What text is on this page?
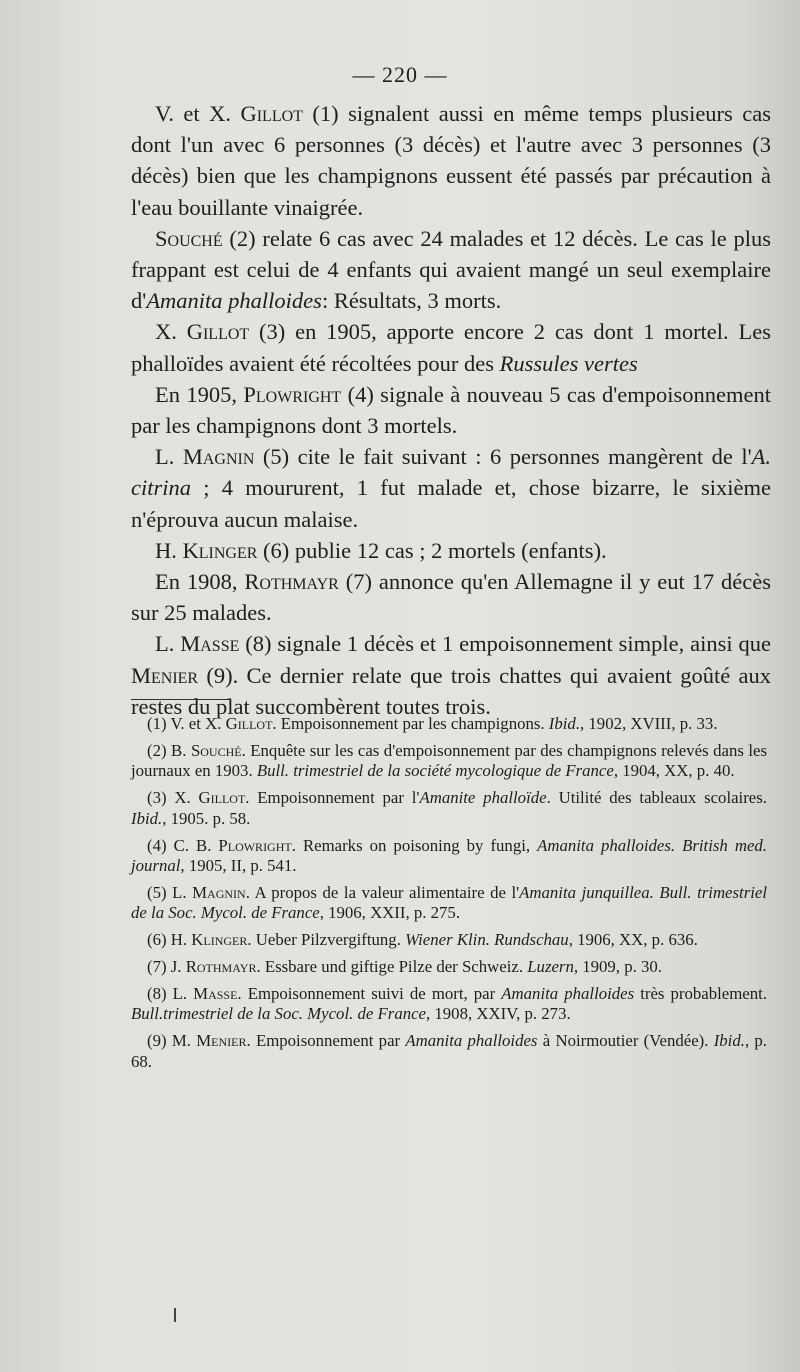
— 220 —

V. et X. Gillot (1) signalent aussi en même temps plusieurs cas dont l'un avec 6 personnes (3 décès) et l'autre avec 3 personnes (3 décès) bien que les champignons eussent été passés par précaution à l'eau bouillante vinaigrée.

Souché (2) relate 6 cas avec 24 malades et 12 décès. Le cas le plus frappant est celui de 4 enfants qui avaient mangé un seul exemplaire d'Amanita phalloides: Résultats, 3 morts.

X. Gillot (3) en 1905, apporte encore 2 cas dont 1 mortel. Les phalloïdes avaient été récoltées pour des Russules vertes

En 1905, Plowright (4) signale à nouveau 5 cas d'empoisonnement par les champignons dont 3 mortels.

L. Magnin (5) cite le fait suivant : 6 personnes mangèrent de l'A. citrina ; 4 moururent, 1 fut malade et, chose bizarre, le sixième n'éprouva aucun malaise.

H. Klinger (6) publie 12 cas ; 2 mortels (enfants).

En 1908, Rothmayr (7) annonce qu'en Allemagne il y eut 17 décès sur 25 malades.

L. Masse (8) signale 1 décès et 1 empoisonnement simple, ainsi que Menier (9). Ce dernier relate que trois chattes qui avaient goûté aux restes du plat succombèrent toutes trois.

(1) V. et X. Gillot. Empoisonnement par les champignons. Ibid., 1902, XVIII, p. 33.

(2) B. Souché. Enquête sur les cas d'empoisonnement par des champignons relevés dans les journaux en 1903. Bull. trimestriel de la société mycologique de France, 1904, XX, p. 40.

(3) X. Gillot. Empoisonnement par l'Amanite phalloïde. Utilité des tableaux scolaires. Ibid., 1905. p. 58.

(4) C. B. Plowright. Remarks on poisoning by fungi, Amanita phalloides. British med. journal, 1905, II, p. 541.

(5) L. Magnin. A propos de la valeur alimentaire de l'Amanita junquillea. Bull. trimestriel de la Soc. Mycol. de France, 1906, XXII, p. 275.

(6) H. Klinger. Ueber Pilzvergiftung. Wiener Klin. Rundschau, 1906, XX, p. 636.

(7) J. Rothmayr. Essbare und giftige Pilze der Schweiz. Luzern, 1909, p. 30.

(8) L. Masse. Empoisonnement suivi de mort, par Amanita phalloides très probablement. Bull.trimestriel de la Soc. Mycol. de France, 1908, XXIV, p. 273.

(9) M. Menier. Empoisonnement par Amanita phalloides à Noirmoutier (Vendée). Ibid., p. 68.
